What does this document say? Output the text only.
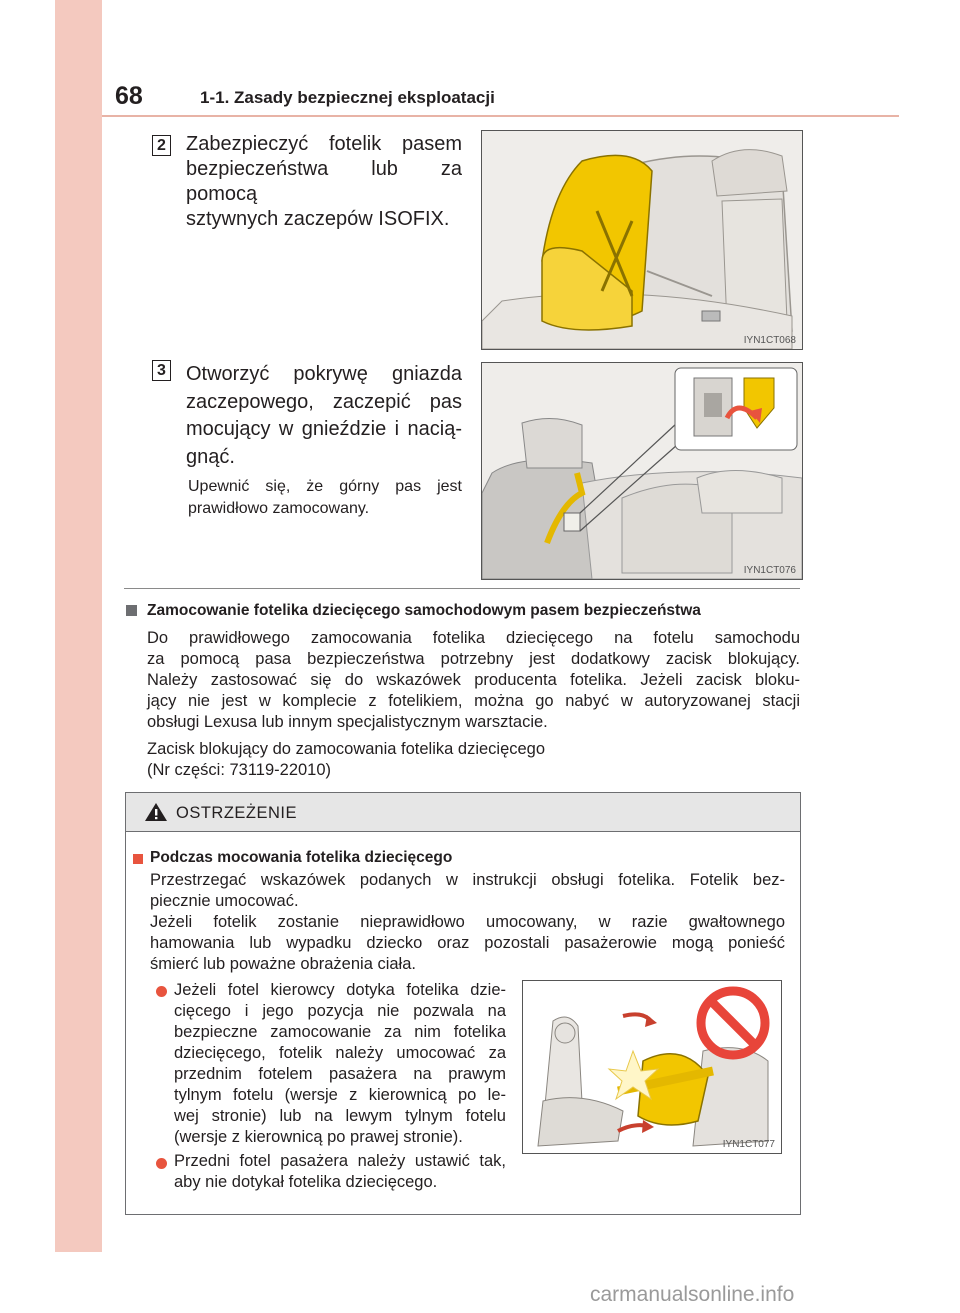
68	1-1. Zasady bezpiecznej eksploatacji
2 Zabezpieczyć fotelik pasem
bezpieczeństwa lub za pomocą
sztywnych zaczepów ISOFIX.
IYN1CT068
3 Otworzyć pokrywę gniazda
zaczepowego, zaczepić pas
mocujący w gnieździe i nacią-
gnąć.
Upewnić się, że górny pas jest
prawidłowo zamocowany.
IYN1CT076
Zamocowanie fotelika dziecięcego samochodowym pasem bezpieczeństwa
Do prawidłowego zamocowania fotelika dziecięcego na fotelu samochodu
za pomocą pasa bezpieczeństwa potrzebny jest dodatkowy zacisk blokujący.
Należy zastosować się do wskazówek producenta fotelika. Jeżeli zacisk bloku-
jący nie jest w komplecie z fotelikiem, można go nabyć w autoryzowanej stacji
obsługi Lexusa lub innym specjalistycznym warsztacie.
Zacisk blokujący do zamocowania fotelika dziecięcego
(Nr części: 73119-22010)
OSTRZEŻENIE
Podczas mocowania fotelika dziecięcego
Przestrzegać wskazówek podanych w instrukcji obsługi fotelika. Fotelik bez-
piecznie umocować.
Jeżeli fotelik zostanie nieprawidłowo umocowany, w razie gwałtownego
hamowania lub wypadku dziecko oraz pozostali pasażerowie mogą ponieść
śmierć lub poważne obrażenia ciała.
Jeżeli fotel kierowcy dotyka fotelika dzie-
cięcego i jego pozycja nie pozwala na
bezpieczne zamocowanie za nim fotelika
dziecięcego, fotelik należy umocować za
przednim fotelem pasażera na prawym
tylnym fotelu (wersje z kierownicą po le-
wej stronie) lub na lewym tylnym fotelu
(wersje z kierownicą po prawej stronie).
Przedni fotel pasażera należy ustawić tak,
aby nie dotykał fotelika dziecięcego.
IYN1CT077
carmanualsonline.info
